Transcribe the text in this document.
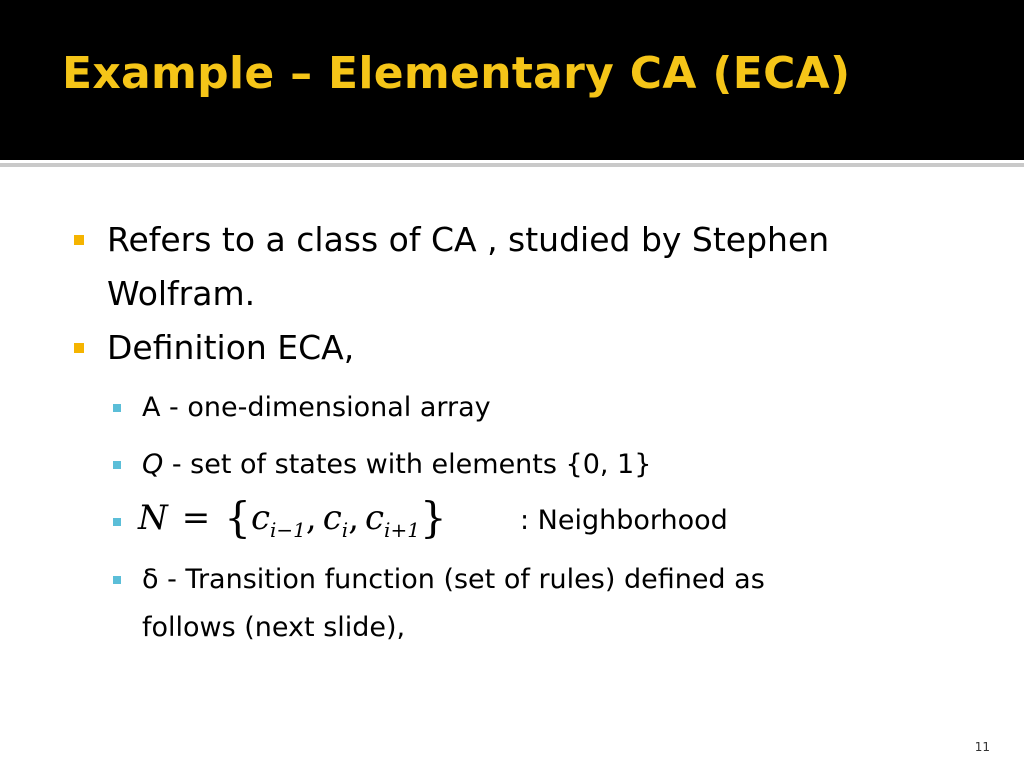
Example – Elementary CA (ECA)
Refers to a class of CA , studied by Stephen
Wolfram.
Definition ECA,
A - one-dimensional array
Q - set of states with elements {0, 1}
$N = \{c_{i-1}$, $c_i$, $c_{i+1}$}	: Neighborhood
δ - Transition function (set of rules) defined as
follows (next slide),
11
